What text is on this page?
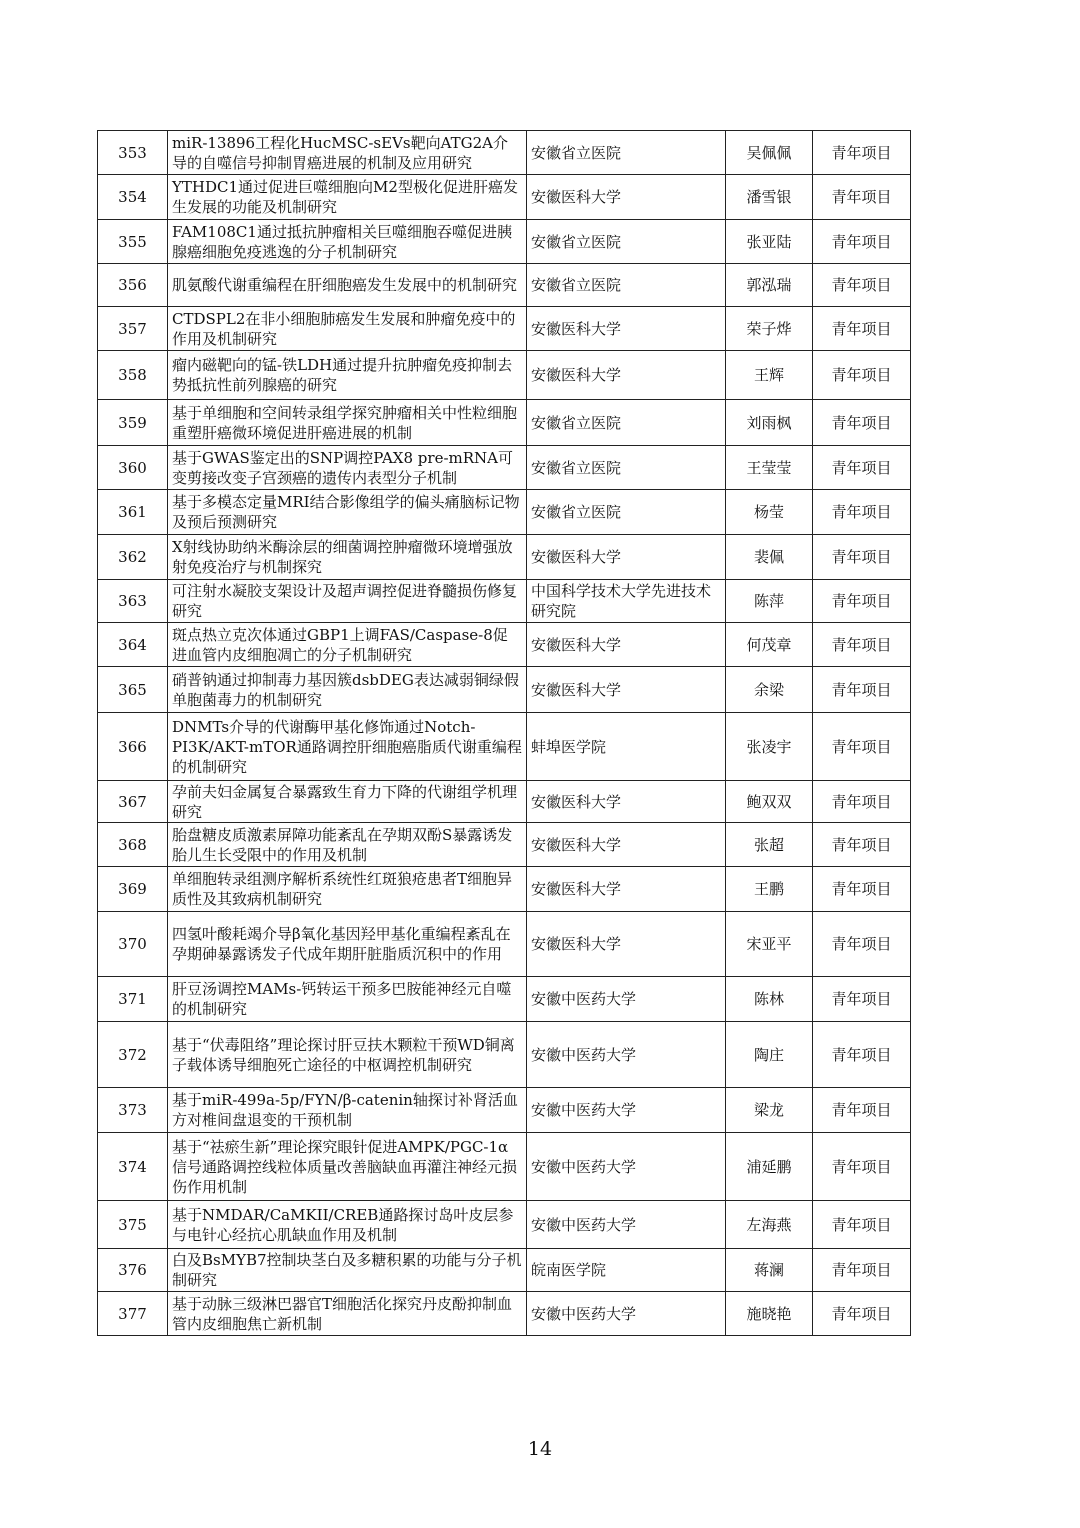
353	miR-13896工程化HucMSC-sEVs靶向ATG2A介导的自噬信号抑制胃癌进展的机制及应用研究	安徽省立医院	吴佩佩	青年项目
354	YTHDC1通过促进巨噬细胞向M2型极化促进肝癌发生发展的功能及机制研究	安徽医科大学	潘雪银	青年项目
355	FAM108C1通过抵抗肿瘤相关巨噬细胞吞噬促进胰腺癌细胞免疫逃逸的分子机制研究	安徽省立医院	张亚陆	青年项目
356	肌氨酸代谢重编程在肝细胞癌发生发展中的机制研究	安徽省立医院	郭泓瑞	青年项目
357	CTDSPL2在非小细胞肺癌发生发展和肿瘤免疫中的作用及机制研究	安徽医科大学	荣子烨	青年项目
358	瘤内磁靶向的锰-铁LDH通过提升抗肿瘤免疫抑制去势抵抗性前列腺癌的研究	安徽医科大学	王辉	青年项目
359	基于单细胞和空间转录组学探究肿瘤相关中性粒细胞重塑肝癌微环境促进肝癌进展的机制	安徽省立医院	刘雨枫	青年项目
360	基于GWAS鉴定出的SNP调控PAX8 pre-mRNA可变剪接改变子宫颈癌的遗传内表型分子机制	安徽省立医院	王莹莹	青年项目
361	基于多模态定量MRI结合影像组学的偏头痛脑标记物及预后预测研究	安徽省立医院	杨莹	青年项目
362	X射线协助纳米酶涂层的细菌调控肿瘤微环境增强放射免疫治疗与机制探究	安徽医科大学	裴佩	青年项目
363	可注射水凝胶支架设计及超声调控促进脊髓损伤修复研究	中国科学技术大学先进技术研究院	陈萍	青年项目
364	斑点热立克次体通过GBP1上调FAS/Caspase-8促进血管内皮细胞凋亡的分子机制研究	安徽医科大学	何茂章	青年项目
365	硝普钠通过抑制毒力基因簇dsbDEG表达减弱铜绿假单胞菌毒力的机制研究	安徽医科大学	余梁	青年项目
366	DNMTs介导的代谢酶甲基化修饰通过Notch-PI3K/AKT-mTOR通路调控肝细胞癌脂质代谢重编程的机制研究	蚌埠医学院	张凌宇	青年项目
367	孕前夫妇金属复合暴露致生育力下降的代谢组学机理研究	安徽医科大学	鲍双双	青年项目
368	胎盘糖皮质激素屏障功能紊乱在孕期双酚S暴露诱发胎儿生长受限中的作用及机制	安徽医科大学	张超	青年项目
369	单细胞转录组测序解析系统性红斑狼疮患者T细胞异质性及其致病机制研究	安徽医科大学	王鹏	青年项目
370	四氢叶酸耗竭介导β氧化基因羟甲基化重编程紊乱在孕期砷暴露诱发子代成年期肝脏脂质沉积中的作用	安徽医科大学	宋亚平	青年项目
371	肝豆汤调控MAMs-钙转运干预多巴胺能神经元自噬的机制研究	安徽中医药大学	陈林	青年项目
372	基于“伏毒阻络”理论探讨肝豆扶木颗粒干预WD铜离子载体诱导细胞死亡途径的中枢调控机制研究	安徽中医药大学	陶庄	青年项目
373	基于miR-499a-5p/FYN/β-catenin轴探讨补肾活血方对椎间盘退变的干预机制	安徽中医药大学	梁龙	青年项目
374	基于“祛瘀生新”理论探究眼针促进AMPK/PGC-1α信号通路调控线粒体质量改善脑缺血再灌注神经元损伤作用机制	安徽中医药大学	浦延鹏	青年项目
375	基于NMDAR/CaMKII/CREB通路探讨岛叶皮层参与电针心经抗心肌缺血作用及机制	安徽中医药大学	左海燕	青年项目
376	白及BsMYB7控制块茎白及多糖积累的功能与分子机制研究	皖南医学院	蒋澜	青年项目
377	基于动脉三级淋巴器官T细胞活化探究丹皮酚抑制血管内皮细胞焦亡新机制	安徽中医药大学	施晓艳	青年项目
14
